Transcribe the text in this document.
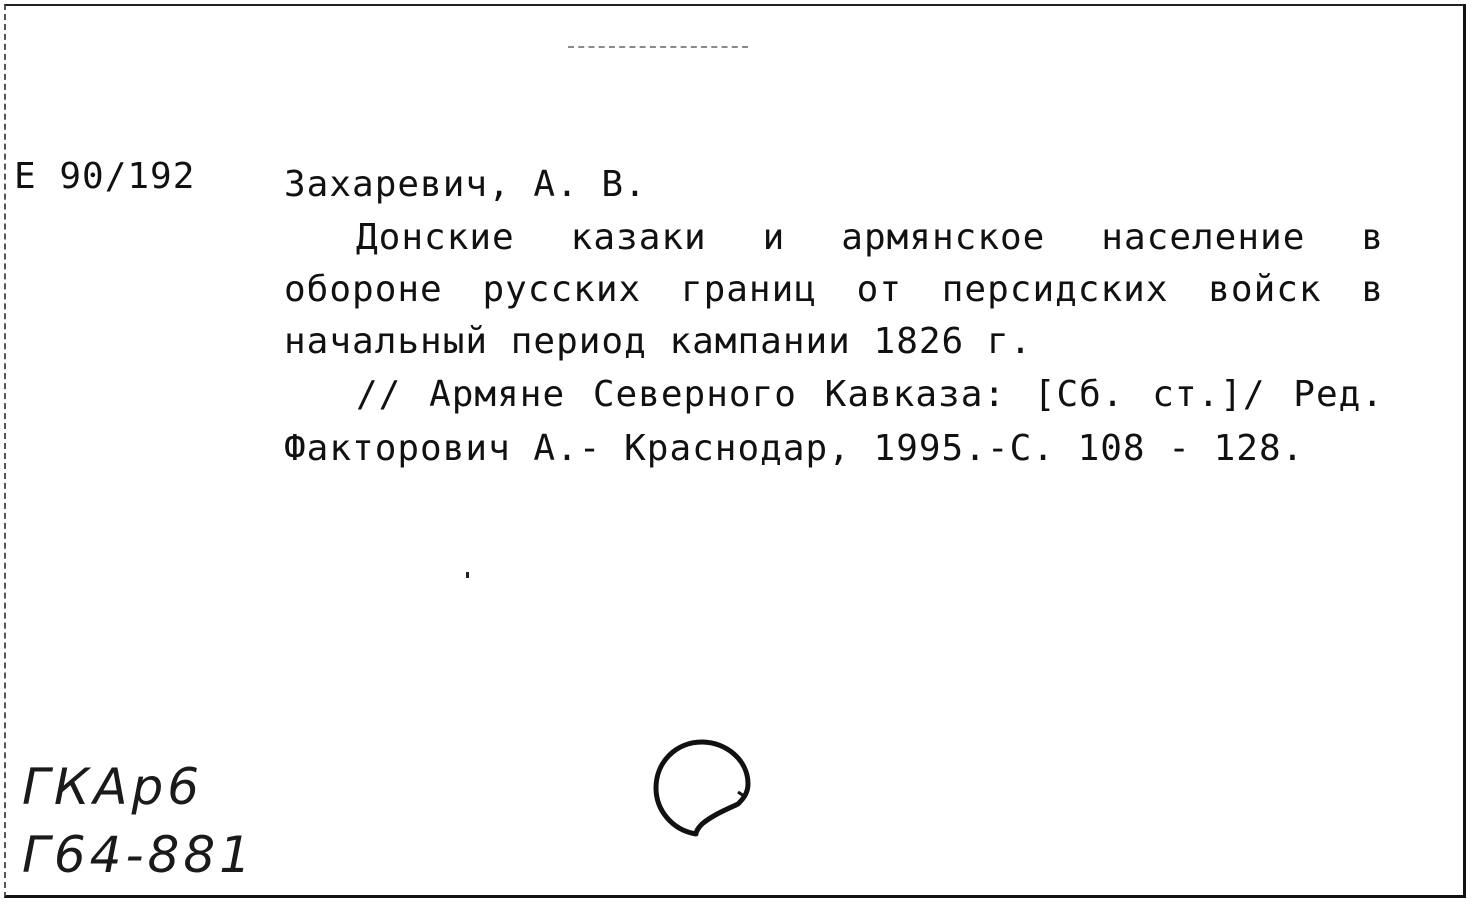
Е 90/192 Захаревич, А. В.

Донские казаки и армянское население в обороне русских границ от персидских войск в начальный период кампании 1826 г.

// Армяне Северного Кавказа: [Сб. ст.]/ Ред. Факторович А.- Краснодар, 1995.-С. 108 - 128.

ГКАр6
Г64-881
